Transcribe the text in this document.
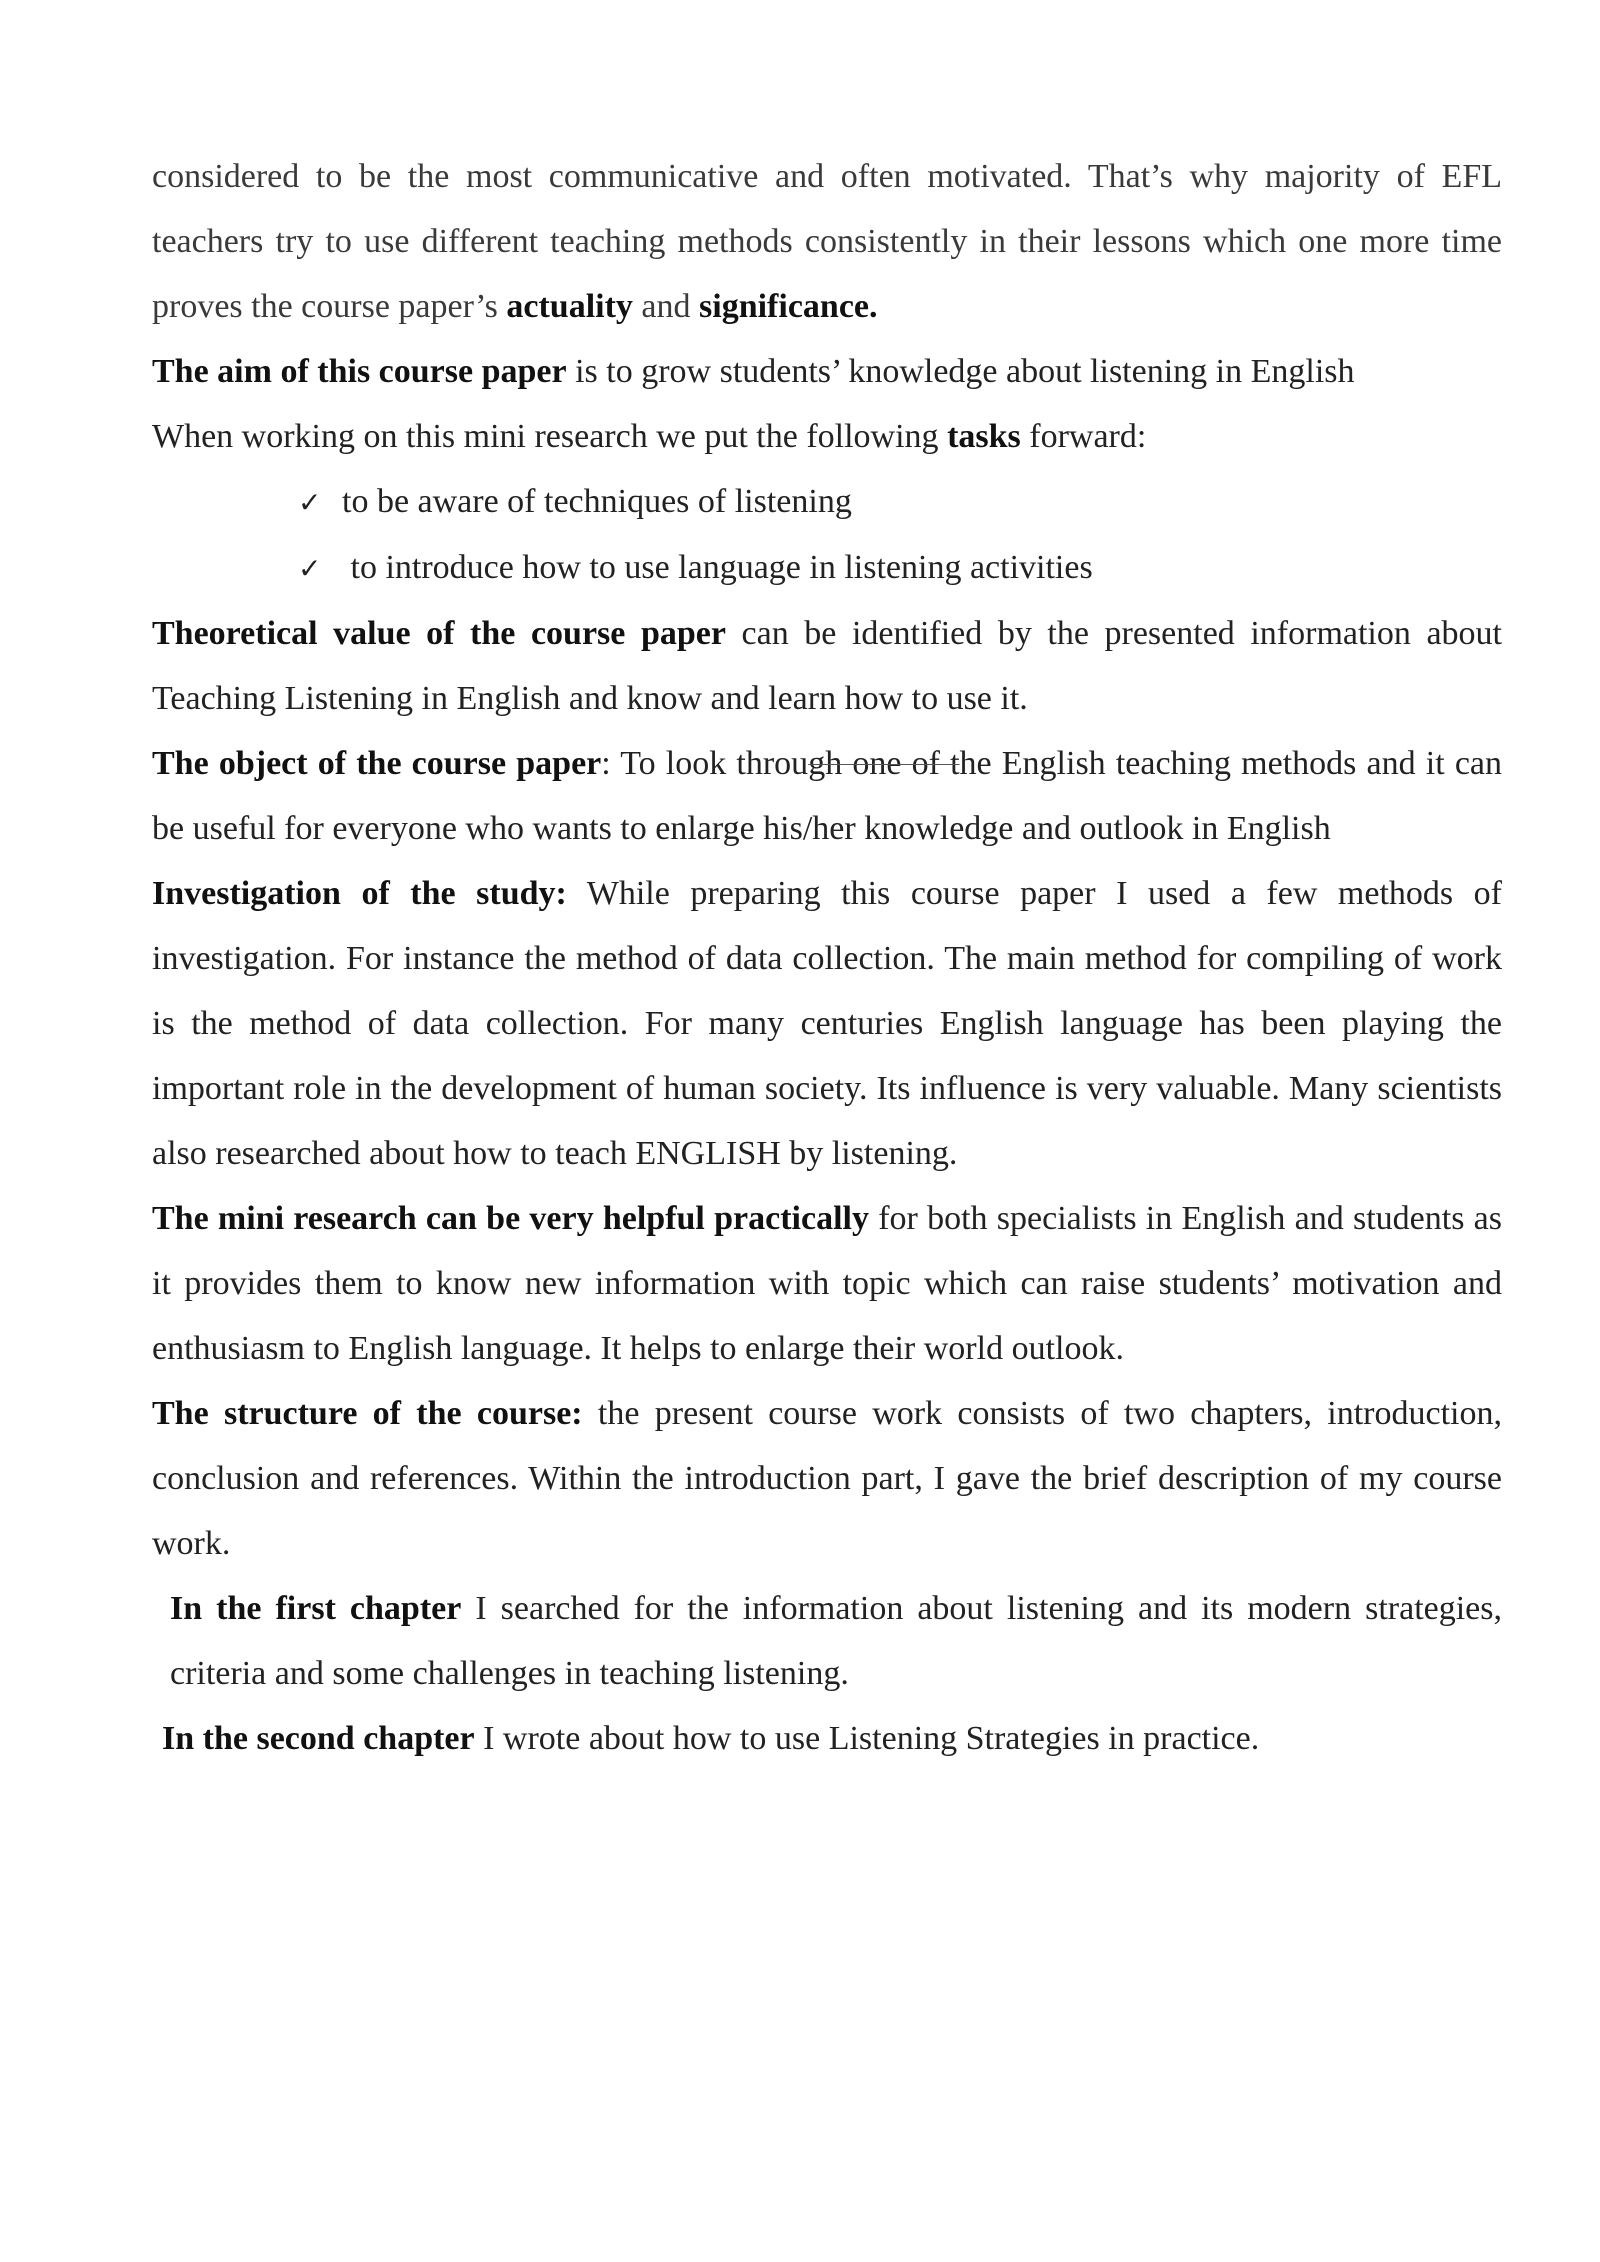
considered to be the most communicative and often motivated. That’s why majority of EFL teachers try to use different teaching methods consistently in their lessons which one more time proves the course paper’s actuality and significance.

The aim of this course paper is to grow students’ knowledge about listening in English

When working on this mini research we put the following tasks forward:

✓ to be aware of techniques of listening

✓ to introduce how to use language in listening activities

Theoretical value of the course paper can be identified by the presented information about Teaching Listening in English and know and learn how to use it.

The object of the course paper: To look through one of the English teaching methods and it can be useful for everyone who wants to enlarge his/her knowledge and outlook in English

Investigation of the study: While preparing this course paper I used a few methods of investigation. For instance the method of data collection. The main method for compiling of work is the method of data collection. For many centuries English language has been playing the important role in the development of human society. Its influence is very valuable. Many scientists also researched about how to teach ENGLISH by listening.

The mini research can be very helpful practically for both specialists in English and students as it provides them to know new information with topic which can raise students’ motivation and enthusiasm to English language. It helps to enlarge their world outlook.

The structure of the course: the present course work consists of two chapters, introduction, conclusion and references. Within the introduction part, I gave the brief description of my course work.

In the first chapter I searched for the information about listening and its modern strategies, criteria and some challenges in teaching listening.

In the second chapter I wrote about how to use Listening Strategies in practice.
